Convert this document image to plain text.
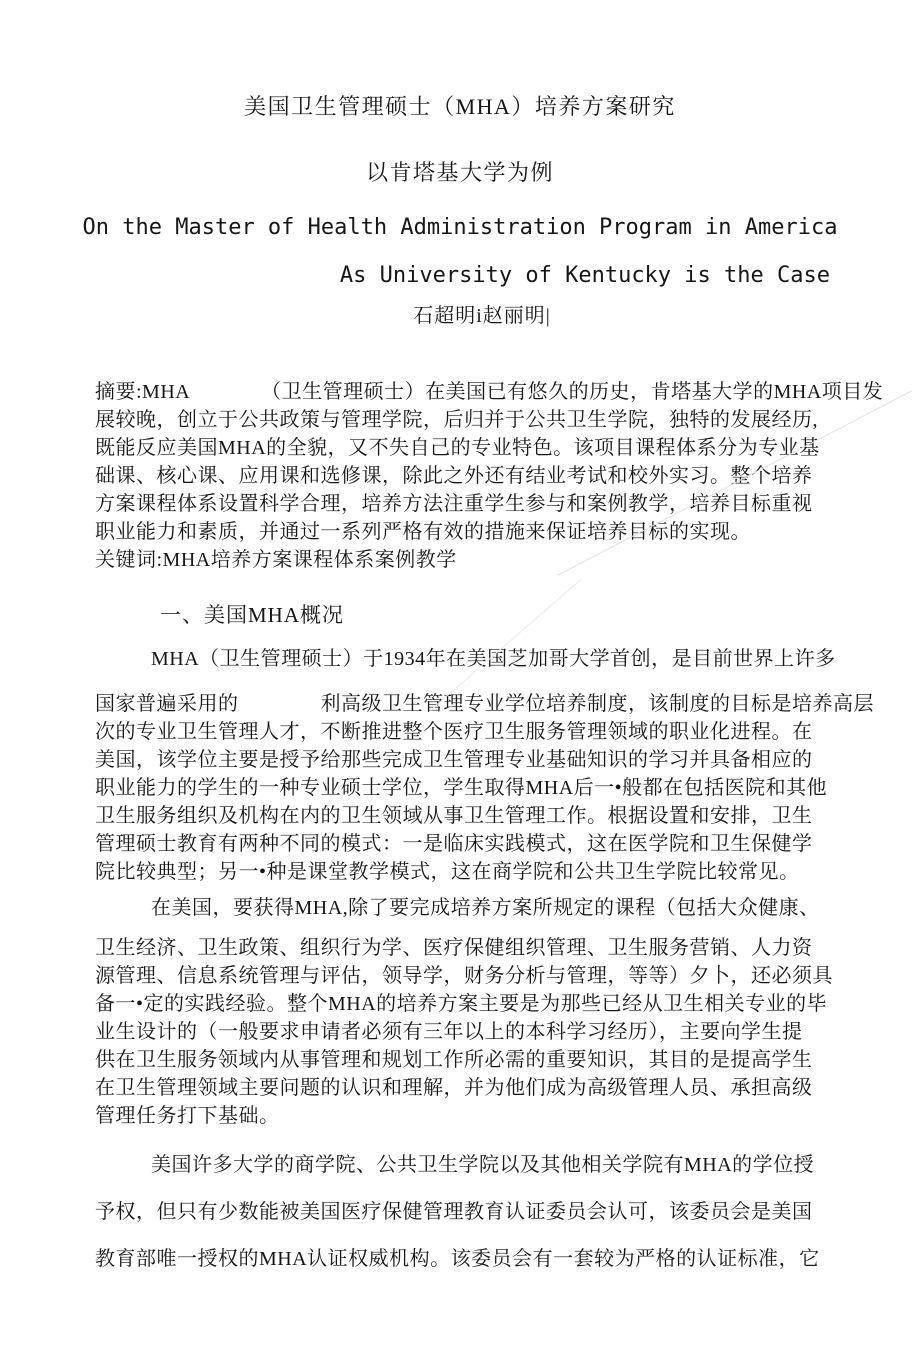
美国卫生管理硕士（MHA）培养方案研究
以肯塔基大学为例
On the Master of Health Administration Program in America
As University of Kentucky is the Case
石超明i赵丽明|
摘要:MHA　　　　（卫生管理硕士）在美国已有悠久的历史，肯塔基大学的MHA项目发
展较晚，创立于公共政策与管理学院，后归并于公共卫生学院，独特的发展经历,
既能反应美国MHA的全貌，又不失自己的专业特色。该项目课程体系分为专业基
础课、核心课、应用课和选修课，除此之外还有结业考试和校外实习。整个培养
方案课程体系设置科学合理，培养方法注重学生参与和案例教学，培养目标重视
职业能力和素质，并通过一系列严格有效的措施来保证培养目标的实现。
关键词:MHA培养方案课程体系案例教学
一、美国MHA概况
MHA（卫生管理硕士）于1934年在美国芝加哥大学首创，是目前世界上许多
国家普遍采用的　　　　利高级卫生管理专业学位培养制度，该制度的目标是培养高层
次的专业卫生管理人才，不断推进整个医疗卫生服务管理领域的职业化进程。在
美国，该学位主要是授予给那些完成卫生管理专业基础知识的学习并具备相应的
职业能力的学生的一种专业硕士学位，学生取得MHA后一•般都在包括医院和其他
卫生服务组织及机构在内的卫生领域从事卫生管理工作。根据设置和安排，卫生
管理硕士教育有两种不同的模式：一是临床实践模式，这在医学院和卫生保健学
院比较典型；另一•种是课堂教学模式，这在商学院和公共卫生学院比较常见。
在美国，要获得MHA,除了要完成培养方案所规定的课程（包括大众健康、
卫生经济、卫生政策、组织行为学、医疗保健组织管理、卫生服务营销、人力资
源管理、信息系统管理与评估，领导学，财务分析与管理，等等）夕卜，还必须具
备一•定的实践经验。整个MHA的培养方案主要是为那些已经从卫生相关专业的毕
业生设计的（一般要求申请者必须有三年以上的本科学习经历），主要向学生提
供在卫生服务领域内从事管理和规划工作所必需的重要知识，其目的是提高学生
在卫生管理领域主要问题的认识和理解，并为他们成为高级管理人员、承担高级
管理任务打下基础。
美国许多大学的商学院、公共卫生学院以及其他相关学院有MHA的学位授
予权，但只有少数能被美国医疗保健管理教育认证委员会认可，该委员会是美国
教育部唯一授权的MHA认证权威机构。该委员会有一套较为严格的认证标准，它
